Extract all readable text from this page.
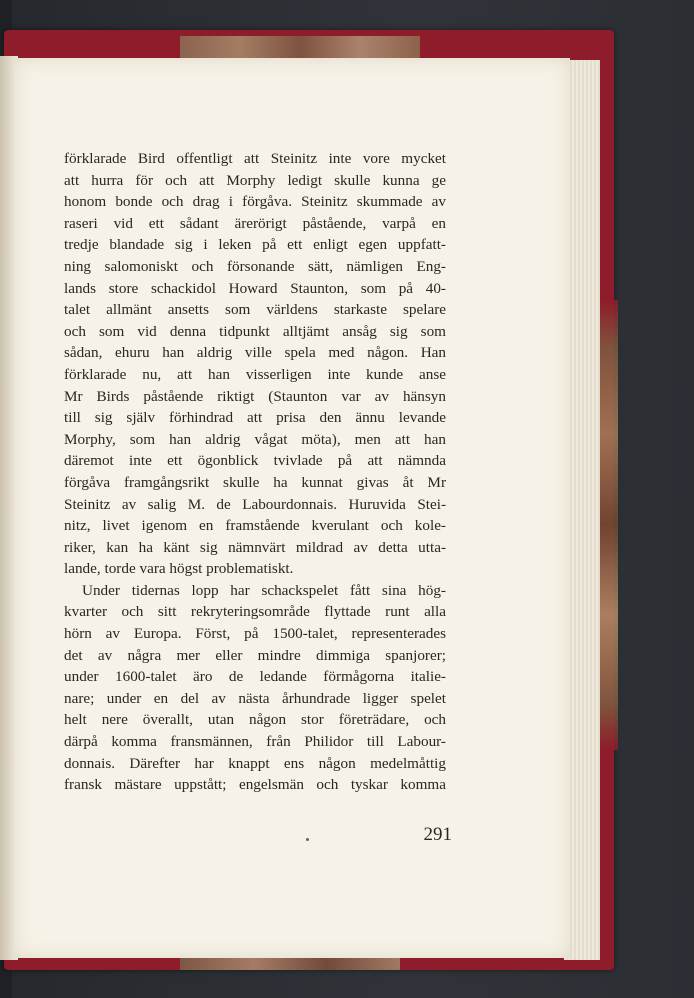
förklarade Bird offentligt att Steinitz inte vore mycket
att hurra för och att Morphy ledigt skulle kunna ge
honom bonde och drag i förgåva. Steinitz skummade av
raseri vid ett sådant ärerörigt påstående, varpå en
tredje blandade sig i leken på ett enligt egen uppfatt-
ning salomoniskt och försonande sätt, nämligen Eng-
lands store schackidol Howard Staunton, som på 40-
talet allmänt ansetts som världens starkaste spelare
och som vid denna tidpunkt alltjämt ansåg sig som
sådan, ehuru han aldrig ville spela med någon. Han
förklarade nu, att han visserligen inte kunde anse
Mr Birds påstående riktigt (Staunton var av hänsyn
till sig själv förhindrad att prisa den ännu levande
Morphy, som han aldrig vågat möta), men att han
däremot inte ett ögonblick tvivlade på att nämnda
förgåva framgångsrikt skulle ha kunnat givas åt Mr
Steinitz av salig M. de Labourdonnais. Huruvida Stei-
nitz, livet igenom en framstående kverulant och kole-
riker, kan ha känt sig nämnvärt mildrad av detta utta-
lande, torde vara högst problematiskt.
Under tidernas lopp har schackspelet fått sina hög-
kvarter och sitt rekryteringsområde flyttade runt alla
hörn av Europa. Först, på 1500-talet, representerades
det av några mer eller mindre dimmiga spanjorer;
under 1600-talet äro de ledande förmågorna italie-
nare; under en del av nästa århundrade ligger spelet
helt nere överallt, utan någon stor företrädare, och
därpå komma fransmännen, från Philidor till Labour-
donnais. Därefter har knappt ens någon medelmåttig
fransk mästare uppstått; engelsmän och tyskar komma
291
